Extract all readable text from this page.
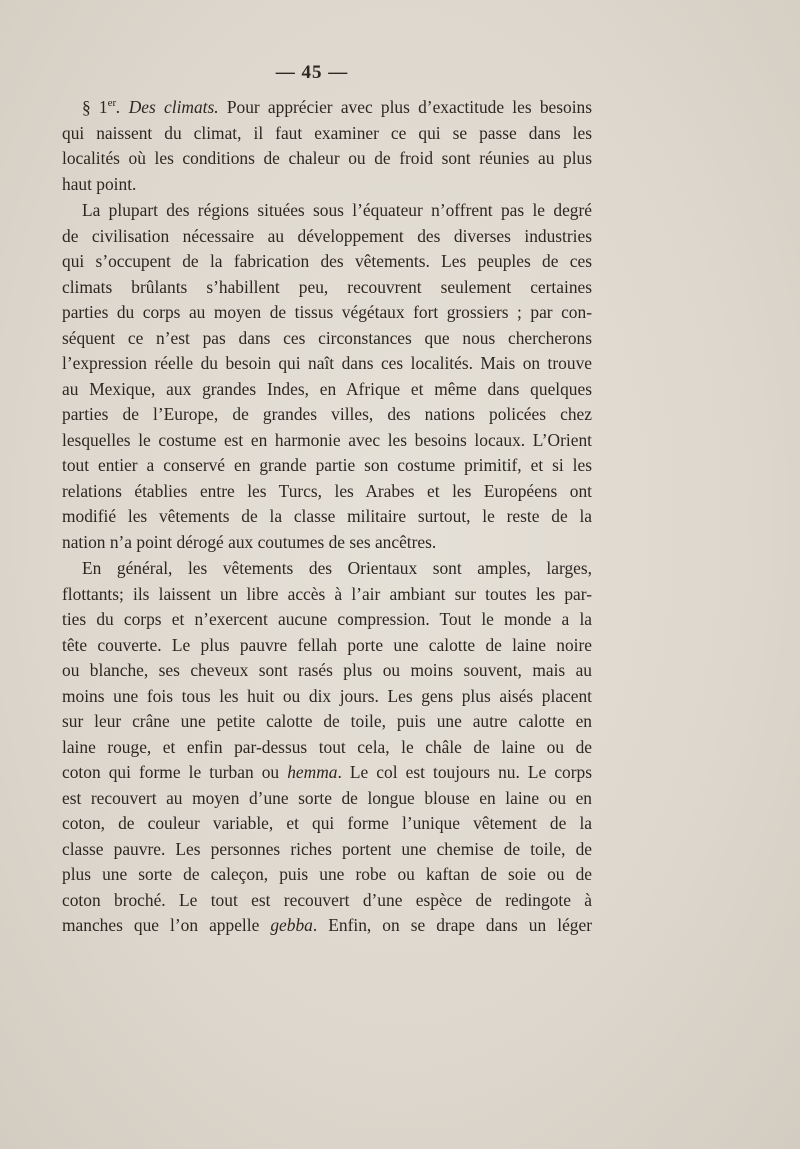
— 45 —

§ 1er. Des climats. Pour apprécier avec plus d’exactitude les besoins
qui naissent du climat, il faut examiner ce qui se passe dans les
localités où les conditions de chaleur ou de froid sont réunies au plus
haut point.

La plupart des régions situées sous l’équateur n’offrent pas le degré
de civilisation nécessaire au développement des diverses industries
qui s’occupent de la fabrication des vêtements. Les peuples de ces
climats brûlants s’habillent peu, recouvrent seulement certaines
parties du corps au moyen de tissus végétaux fort grossiers ; par con-
séquent ce n’est pas dans ces circonstances que nous chercherons
l’expression réelle du besoin qui naît dans ces localités. Mais on trouve
au Mexique, aux grandes Indes, en Afrique et même dans quelques
parties de l’Europe, de grandes villes, des nations policées chez
lesquelles le costume est en harmonie avec les besoins locaux. L’Orient
tout entier a conservé en grande partie son costume primitif, et si les
relations établies entre les Turcs, les Arabes et les Européens ont
modifié les vêtements de la classe militaire surtout, le reste de la
nation n’a point dérogé aux coutumes de ses ancêtres.

En général, les vêtements des Orientaux sont amples, larges,
flottants; ils laissent un libre accès à l’air ambiant sur toutes les par-
ties du corps et n’exercent aucune compression. Tout le monde a la
tête couverte. Le plus pauvre fellah porte une calotte de laine noire
ou blanche, ses cheveux sont rasés plus ou moins souvent, mais au
moins une fois tous les huit ou dix jours. Les gens plus aisés placent
sur leur crâne une petite calotte de toile, puis une autre calotte en
laine rouge, et enfin par-dessus tout cela, le châle de laine ou de
coton qui forme le turban ou hemma. Le col est toujours nu. Le corps
est recouvert au moyen d’une sorte de longue blouse en laine ou en
coton, de couleur variable, et qui forme l’unique vêtement de la
classe pauvre. Les personnes riches portent une chemise de toile, de
plus une sorte de caleçon, puis une robe ou kaftan de soie ou de
coton broché. Le tout est recouvert d’une espèce de redingote à
manches que l’on appelle gebba. Enfin, on se drape dans un léger
